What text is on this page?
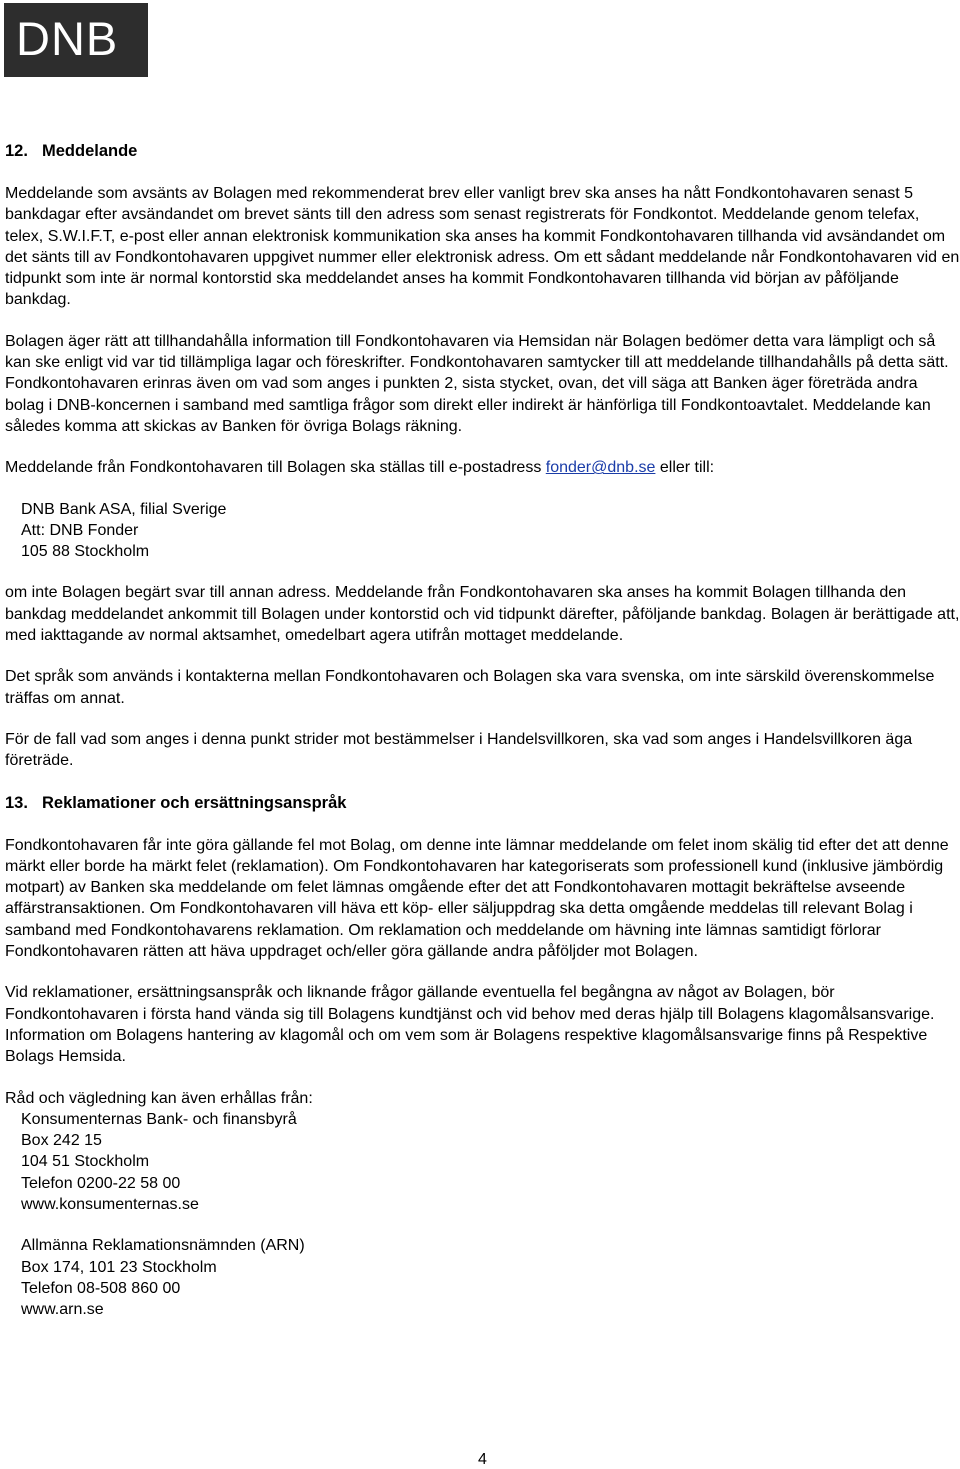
DNB
12. Meddelande

Meddelande som avsänts av Bolagen med rekommenderat brev eller vanligt brev ska anses ha nått Fondkontohavaren senast 5 bankdagar efter avsändandet om brevet sänts till den adress som senast registrerats för Fondkontot. Meddelande genom telefax, telex, S.W.I.F.T, e-post eller annan elektronisk kommunikation ska anses ha kommit Fondkontohavaren tillhanda vid avsändandet om det sänts till av Fondkontohavaren uppgivet nummer eller elektronisk adress. Om ett sådant meddelande når Fondkontohavaren vid en tidpunkt som inte är normal kontorstid ska meddelandet anses ha kommit Fondkontohavaren tillhanda vid början av påföljande bankdag.

Bolagen äger rätt att tillhandahålla information till Fondkontohavaren via Hemsidan när Bolagen bedömer detta vara lämpligt och så kan ske enligt vid var tid tillämpliga lagar och föreskrifter. Fondkontohavaren samtycker till att meddelande tillhandahålls på detta sätt. Fondkontohavaren erinras även om vad som anges i punkten 2, sista stycket, ovan, det vill säga att Banken äger företräda andra bolag i DNB-koncernen i samband med samtliga frågor som direkt eller indirekt är hänförliga till Fondkontoavtalet. Meddelande kan således komma att skickas av Banken för övriga Bolags räkning.

Meddelande från Fondkontohavaren till Bolagen ska ställas till e-postadress fonder@dnb.se eller till:

DNB Bank ASA, filial Sverige

Att: DNB Fonder

105 88 Stockholm

om inte Bolagen begärt svar till annan adress. Meddelande från Fondkontohavaren ska anses ha kommit Bolagen tillhanda den bankdag meddelandet ankommit till Bolagen under kontorstid och vid tidpunkt därefter, påföljande bankdag. Bolagen är berättigade att, med iakttagande av normal aktsamhet, omedelbart agera utifrån mottaget meddelande.

Det språk som används i kontakterna mellan Fondkontohavaren och Bolagen ska vara svenska, om inte särskild överenskommelse träffas om annat.

För de fall vad som anges i denna punkt strider mot bestämmelser i Handelsvillkoren, ska vad som anges i Handelsvillkoren äga företräde.

13. Reklamationer och ersättningsanspråk

Fondkontohavaren får inte göra gällande fel mot Bolag, om denne inte lämnar meddelande om felet inom skälig tid efter det att denne märkt eller borde ha märkt felet (reklamation). Om Fondkontohavaren har kategoriserats som professionell kund (inklusive jämbördig motpart) av Banken ska meddelande om felet lämnas omgående efter det att Fondkontohavaren mottagit bekräftelse avseende affärstransaktionen. Om Fondkontohavaren vill häva ett köp- eller säljuppdrag ska detta omgående meddelas till relevant Bolag i samband med Fondkontohavarens reklamation. Om reklamation och meddelande om hävning inte lämnas samtidigt förlorar Fondkontohavaren rätten att häva uppdraget och/eller göra gällande andra påföljder mot Bolagen.

Vid reklamationer, ersättningsanspråk och liknande frågor gällande eventuella fel begångna av något av Bolagen, bör Fondkontohavaren i första hand vända sig till Bolagens kundtjänst och vid behov med deras hjälp till Bolagens klagomålsansvarige. Information om Bolagens hantering av klagomål och om vem som är Bolagens respektive klagomålsansvarige finns på Respektive Bolags Hemsida.

Råd och vägledning kan även erhållas från:

Konsumenternas Bank- och finansbyrå

Box 242 15

104 51 Stockholm

Telefon 0200-22 58 00

www.konsumenternas.se

Allmänna Reklamationsnämnden (ARN)

Box 174, 101 23 Stockholm

Telefon 08-508 860 00

www.arn.se

4
